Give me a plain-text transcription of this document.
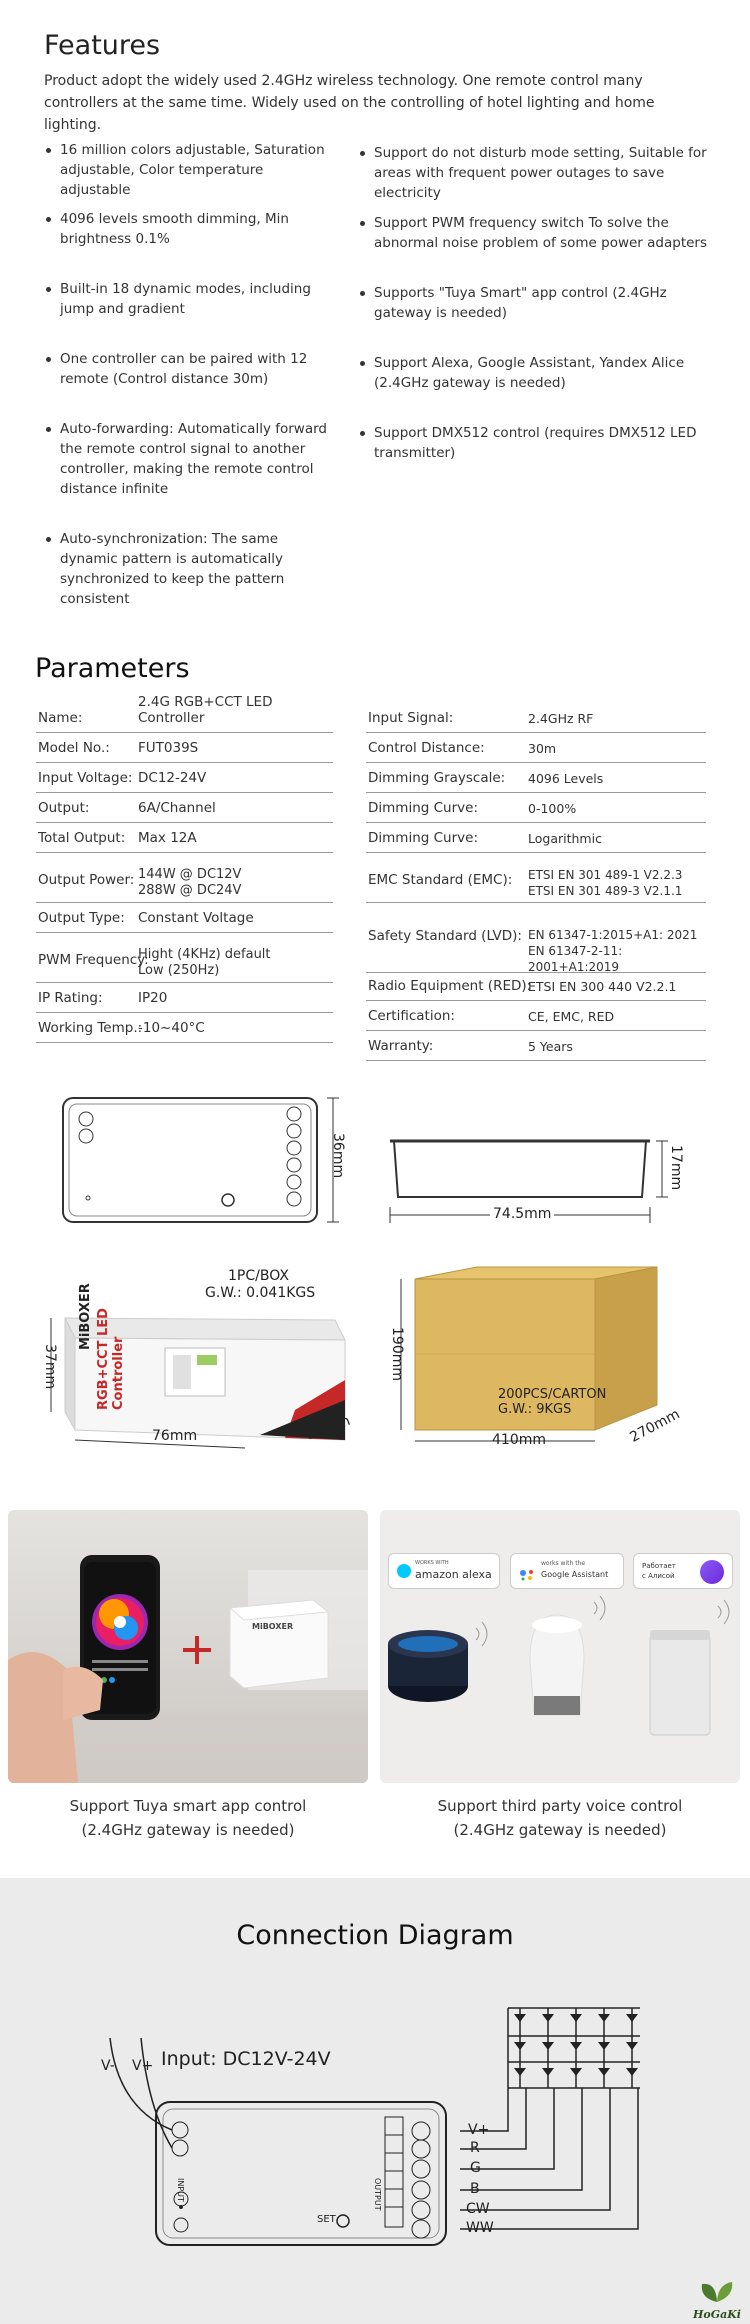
Features

Product adopt the widely used 2.4GHz wireless technology. One remote control many controllers at the same time. Widely used on the controlling of hotel lighting and home lighting.

16 million colors adjustable, Saturation adjustable, Color temperature adjustable
4096 levels smooth dimming, Min brightness 0.1%
Built-in 18 dynamic modes, including jump and gradient
One controller can be paired with 12 remote (Control distance 30m)
Auto-forwarding: Automatically forward the remote control signal to another controller, making the remote control distance infinite
Auto-synchronization: The same dynamic pattern is automatically synchronized to keep the pattern consistent
Support do not disturb mode setting, Suitable for areas with frequent power outages to save electricity
Support PWM frequency switch To solve the abnormal noise problem of some power adapters
Supports "Tuya Smart" app control (2.4GHz gateway is needed)
Support Alexa, Google Assistant, Yandex Alice (2.4GHz gateway is needed)
Support DMX512 control (requires DMX512 LED transmitter)
Parameters
Name:
2.4G RGB+CCT LED Controller
Model No.: FUT039S
Input Voltage: DC12-24V
Output:	6A/Channel
Total Output: Max 12A
Output Power: 144W @ DC12V
288W @ DC24V
Output Type: Constant Voltage
PWM Frequency:
Hight (4KHz) default
Low (250Hz)
IP Rating:	IP20
Working Temp.:
-10~40°C
Input Signal:	2.4GHz RF
Control Distance:	30m
Dimming Grayscale: 4096 Levels
Dimming Curve:	0-100%
Dimming Curve:	Logarithmic
EMC Standard (EMC): ETSI EN 301 489-1 V2.2.3
ETSI EN 301 489-3 V2.1.1
Safety Standard (LVD): EN 61347-1:2015+A1: 2021
EN 61347-2-11: 2001+A1:2019
Radio Equipment (RED):
ETSI EN 300 440 V2.2.1
Certification:	CE, EMC, RED
Warranty:	5 Years
36mm
74.5mm
17mm
1PC/BOX
G.W.: 0.041KGS
MiBOXER RGB+CCT LED Controller
37mm
76mm	24mm
200PCS/CARTON
G.W.: 9KGS
190mm
410mm	270mm
MiBOXER
WORKS WITH
amazon alexa
works with the
Google Assistant
Работает
с Алисой
Support Tuya smart app control
(2.4GHz gateway is needed)
Support third party voice control
(2.4GHz gateway is needed)
Connection Diagram
V- V+ Input: DC12V-24V
SET
OUTPUT
INPUT
V+
R
G
B
CW
WW
HoGaKi
